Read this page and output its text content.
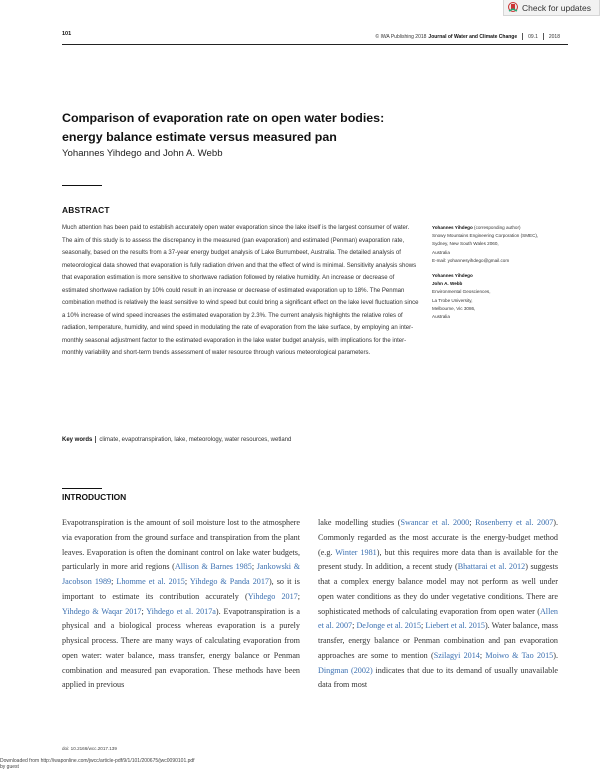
Check for updates
101	© IWA Publishing 2018 Journal of Water and Climate Change 09.1 2018
Comparison of evaporation rate on open water bodies:
energy balance estimate versus measured pan
Yohannes Yihdego and John A. Webb
ABSTRACT
Much attention has been paid to establish accurately open water evaporation since the lake itself is the largest consumer of water. The aim of this study is to assess the discrepancy in the measured (pan evaporation) and estimated (Penman) evaporation rate, seasonally, based on the results from a 37-year energy budget analysis of Lake Burrumbeet, Australia. The detailed analysis of meteorological data showed that evaporation is fully radiation driven and that the effect of wind is minimal. Sensitivity analysis shows that evaporation estimation is more sensitive to shortwave radiation followed by relative humidity. An increase or decrease of estimated shortwave radiation by 10% could result in an increase or decrease of estimated evaporation up to 18%. The Penman combination method is relatively the least sensitive to wind speed but could bring a significant effect on the lake level fluctuation since a 10% increase of wind speed increases the estimated evaporation by 2.3%. The current analysis highlights the relative roles of radiation, temperature, humidity, and wind speed in modulating the rate of evaporation from the lake surface, by employing an inter-monthly seasonal adjustment factor to the estimated evaporation in the lake water budget analysis, with implications for the inter-monthly variability and short-term trends assessment of water resource through various meteorological parameters.
Key words climate, evapotranspiration, lake, meteorology, water resources, wetland
Yohannes Yihdego (corresponding author)
Snowy Mountains Engineering Corporation (SMEC),
Sydney, New South Wales 2060,
Australia
E-mail: yohannesyihdego@gmail.com
Yohannes Yihdego
John A. Webb
Environmental Geosciences,
La Trobe University,
Melbourne, Vic 3086,
Australia
INTRODUCTION
Evapotranspiration is the amount of soil moisture lost to the atmosphere via evaporation from the ground surface and transpiration from the plant leaves. Evaporation is often the dominant control on lake water budgets, particularly in more arid regions (Allison & Barnes 1985; Jankowski & Jacobson 1989; Lhomme et al. 2015; Yihdego & Panda 2017), so it is important to estimate its contribution accurately (Yihdego 2017; Yihdego & Waqar 2017; Yihdego et al. 2017a). Evapotranspiration is a physical and a biological process whereas evaporation is a purely physical process. There are many ways of calculating evaporation from open water: water balance, mass transfer, energy balance or Penman combination and measured pan evaporation. These methods have been applied in previous
lake modelling studies (Swancar et al. 2000; Rosenberry et al. 2007). Commonly regarded as the most accurate is the energy-budget method (e.g. Winter 1981), but this requires more data than is available for the present study. In addition, a recent study (Bhattarai et al. 2012) suggests that a complex energy balance model may not perform as well under open water conditions as they do under vegetative conditions. There are sophisticated methods of calculating evaporation from open water (Allen et al. 2007; DeJonge et al. 2015; Liebert et al. 2015). Water balance, mass transfer, energy balance or Penman combination and pan evaporation approaches are some to mention (Szilagyi 2014; Moiwo & Tao 2015). Dingman (2002) indicates that due to its demand of usually unavailable data from most
doi: 10.2166/wcc.2017.139
Downloaded from http://iwaponline.com/jwcc/article-pdf/9/1/101/200675/jwc0090101.pdf
by guest
